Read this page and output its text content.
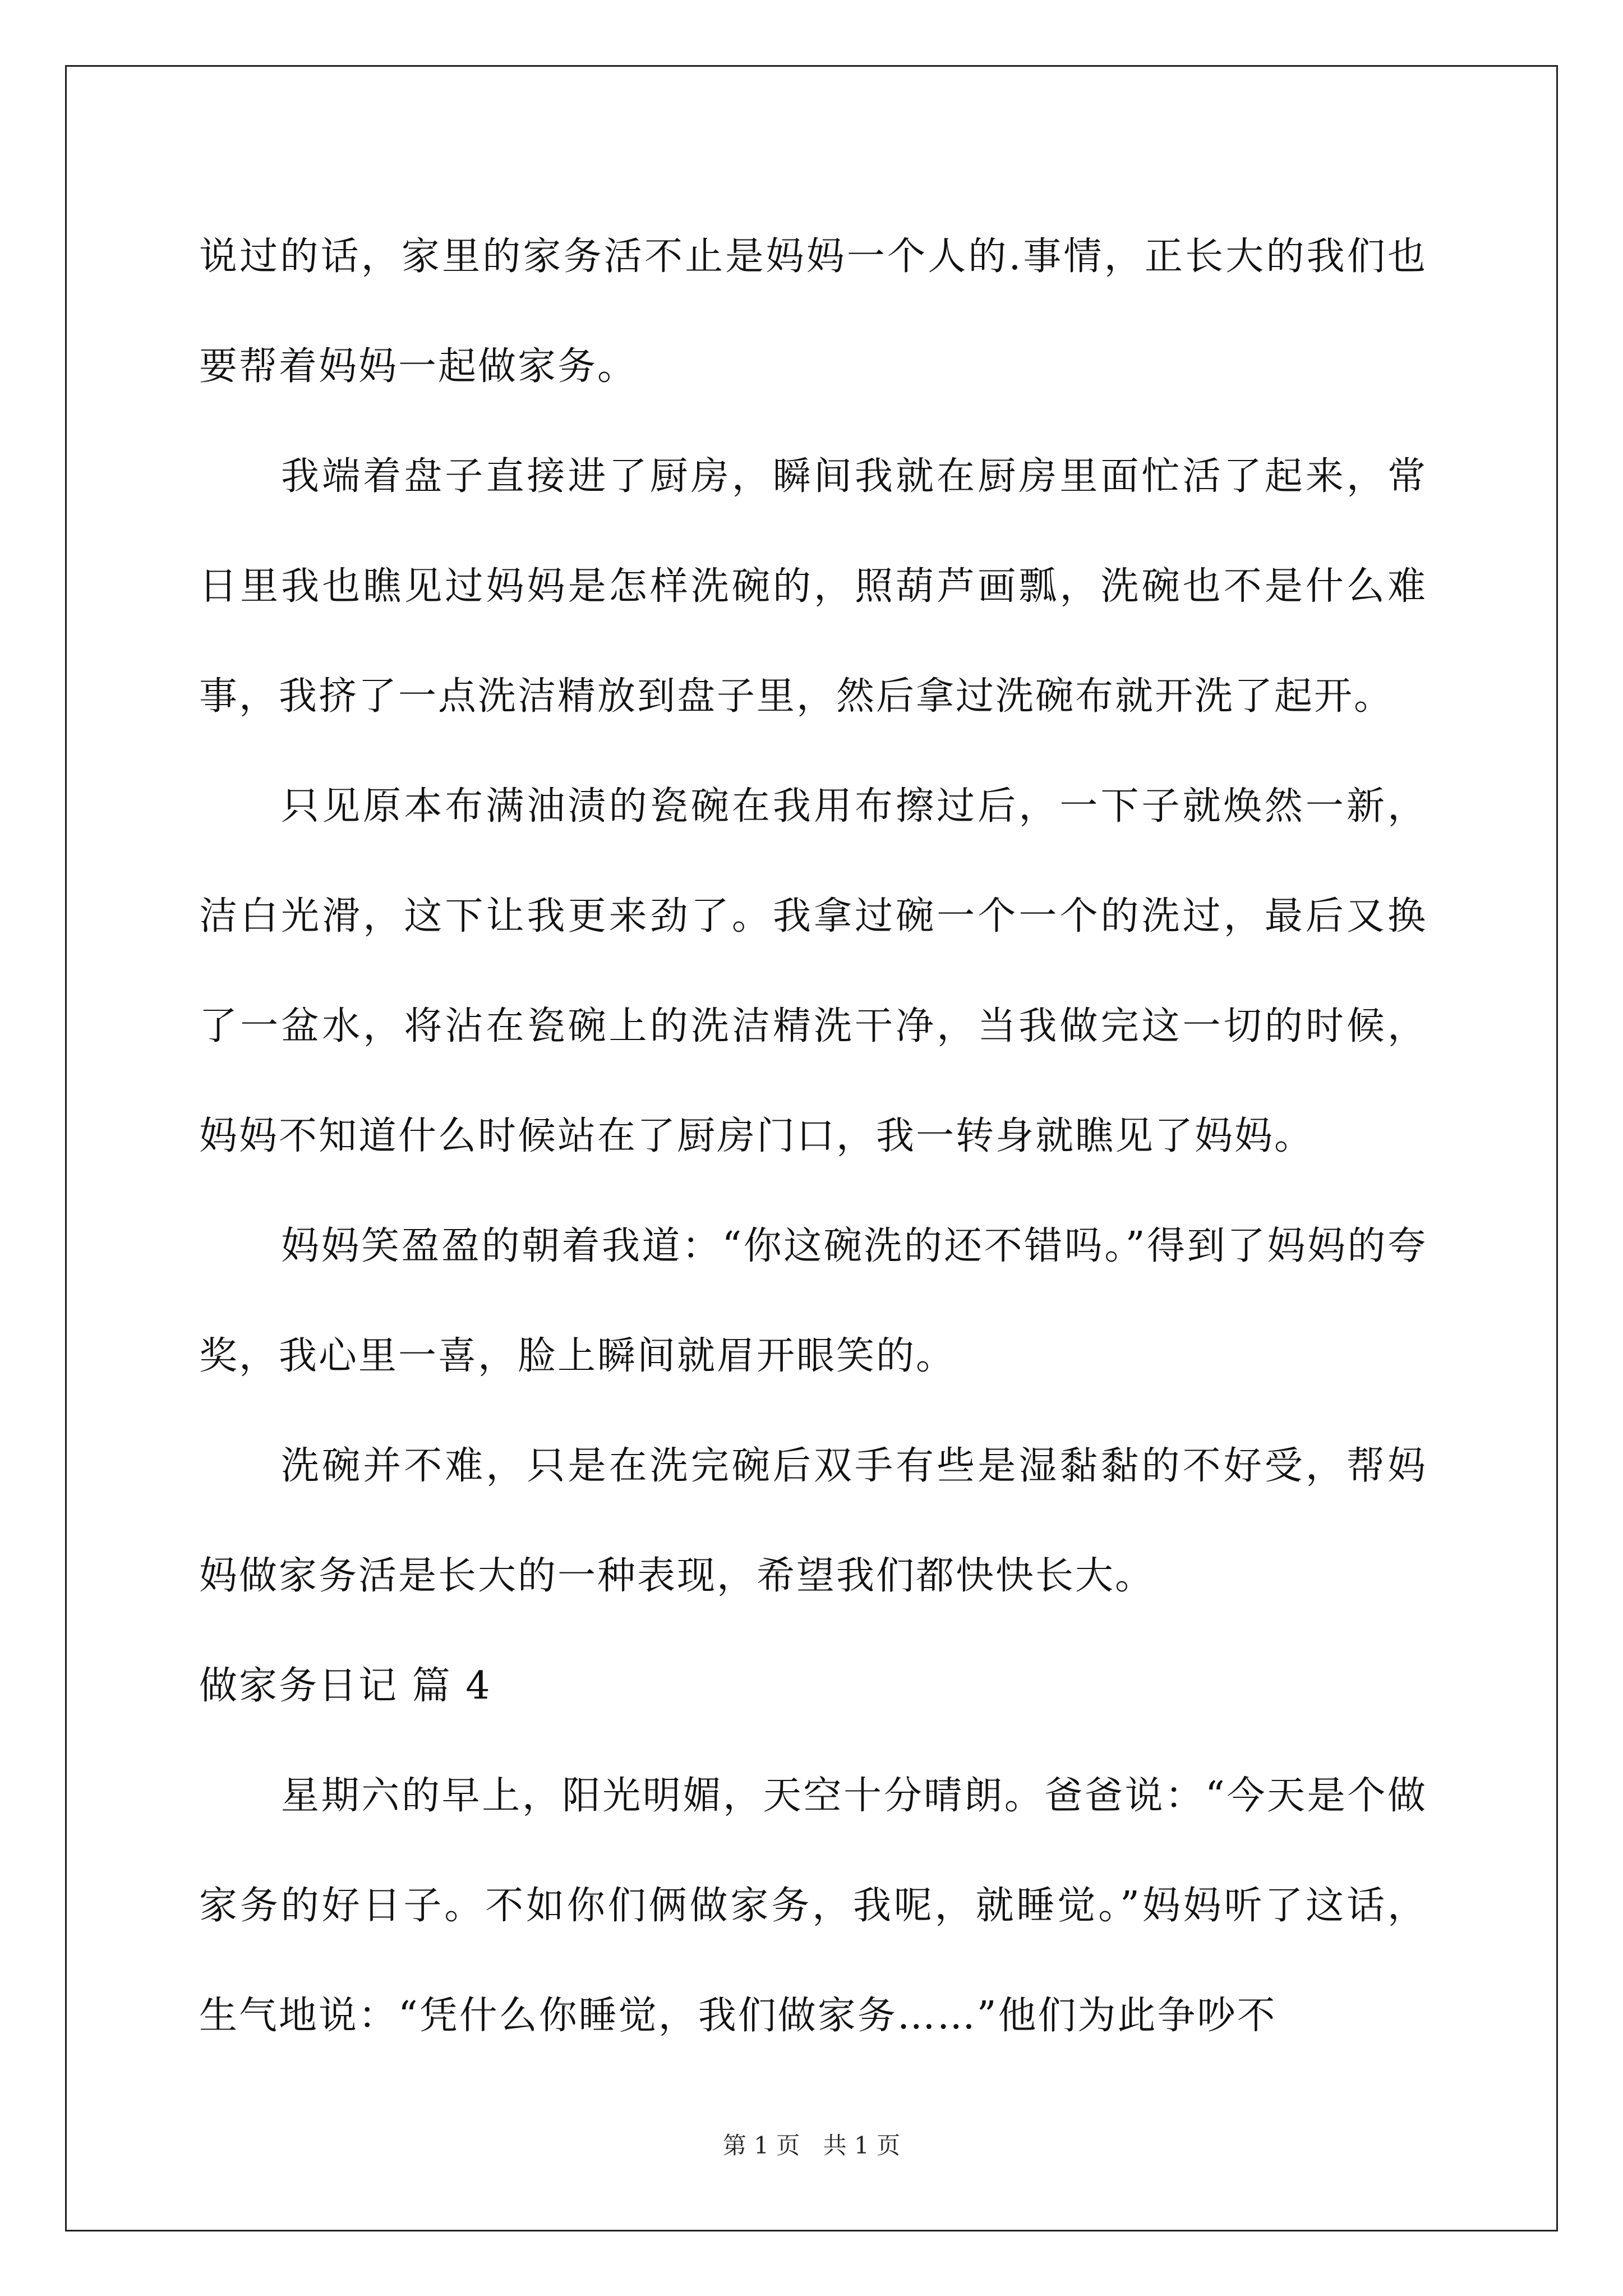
说过的话，家里的家务活不止是妈妈一个人的.事情，正长大的我们也要帮着妈妈一起做家务。

我端着盘子直接进了厨房，瞬间我就在厨房里面忙活了起来，常日里我也瞧见过妈妈是怎样洗碗的，照葫芦画瓢，洗碗也不是什么难事，我挤了一点洗洁精放到盘子里，然后拿过洗碗布就开洗了起开。

只见原本布满油渍的瓷碗在我用布擦过后，一下子就焕然一新，洁白光滑，这下让我更来劲了。我拿过碗一个一个的洗过，最后又换了一盆水，将沾在瓷碗上的洗洁精洗干净，当我做完这一切的时候，妈妈不知道什么时候站在了厨房门口，我一转身就瞧见了妈妈。

妈妈笑盈盈的朝着我道：“你这碗洗的还不错吗。”得到了妈妈的夸奖，我心里一喜，脸上瞬间就眉开眼笑的。

洗碗并不难，只是在洗完碗后双手有些是湿黏黏的不好受，帮妈妈做家务活是长大的一种表现，希望我们都快快长大。

做家务日记 篇 4

星期六的早上，阳光明媚，天空十分晴朗。爸爸说：“今天是个做家务的好日子。不如你们俩做家务，我呢，就睡觉。”妈妈听了这话，生气地说：“凭什么你睡觉，我们做家务……”他们为此争吵不

第 1 页 共 1 页
